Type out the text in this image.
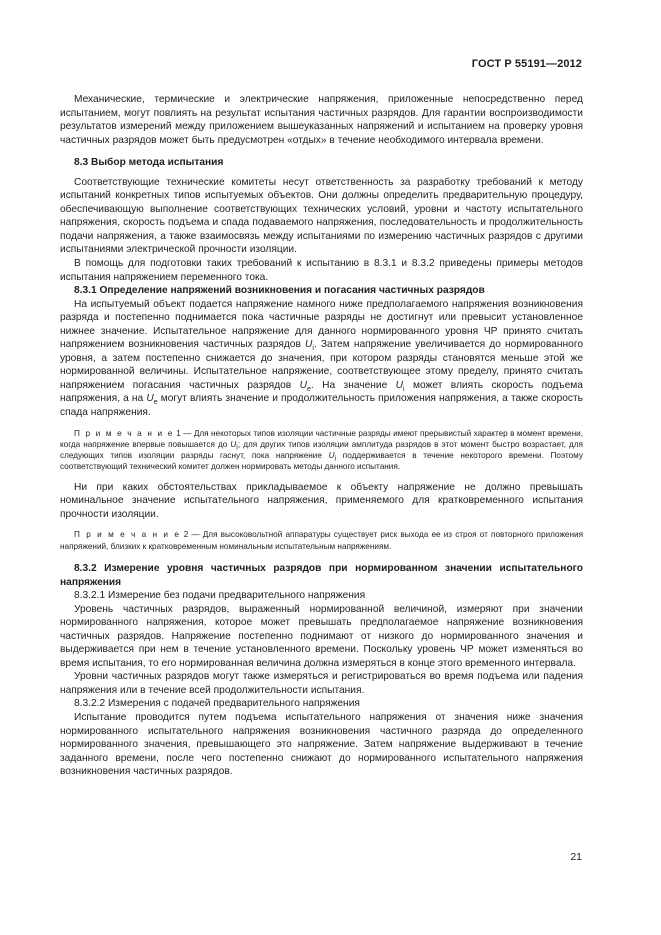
ГОСТ Р 55191—2012

Механические, термические и электрические напряжения, приложенные непосредственно перед испытанием, могут повлиять на результат испытания частичных разрядов. Для гарантии воспроизводимости результатов измерений между приложением вышеуказанных напряжений и испытанием на проверку уровня частичных разрядов может быть предусмотрен «отдых» в течение необходимого интервала времени.

8.3 Выбор метода испытания

Соответствующие технические комитеты несут ответственность за разработку требований к методу испытаний конкретных типов испытуемых объектов. Они должны определить предварительную процедуру, обеспечивающую выполнение соответствующих технических условий, уровни и частоту испытательного напряжения, скорость подъема и спада подаваемого напряжения, последовательность и продолжительность подачи напряжения, а также взаимосвязь между испытаниями по измерению частичных разрядов с другими испытаниями электрической прочности изоляции.

В помощь для подготовки таких требований к испытанию в 8.3.1 и 8.3.2 приведены примеры методов испытания напряжением переменного тока.

8.3.1 Определение напряжений возникновения и погасания частичных разрядов

На испытуемый объект подается напряжение намного ниже предполагаемого напряжения возникновения разряда и постепенно поднимается пока частичные разряды не достигнут или превысит установленное нижнее значение. Испытательное напряжение для данного нормированного уровня ЧР принято считать напряжением возникновения частичных разрядов $U_i$. Затем напряжение увеличивается до нормированного уровня, а затем постепенно снижается до значения, при котором разряды становятся меньше этой же нормированной величины. Испытательное напряжение, соответствующее этому пределу, принято считать напряжением погасания частичных разрядов $U_e$. На значение $U_i$ может влиять скорость подъема напряжения, а на $U_e$ могут влиять значение и продолжительность приложения напряжения, а также скорость спада напряжения.

П р и м е ч а н и е 1 — Для некоторых типов изоляции частичные разряды имеют прерывистый характер в момент времени, когда напряжение впервые повышается до $U_i$; для других типов изоляции амплитуда разрядов в этот момент быстро возрастает, для следующих типов изоляции разряды гаснут, пока напряжение $U_i$ поддерживается в течение некоторого времени. Поэтому соответствующий технический комитет должен нормировать методы данного испытания.

Ни при каких обстоятельствах прикладываемое к объекту напряжение не должно превышать номинальное значение испытательного напряжения, применяемого для кратковременного испытания прочности изоляции.

П р и м е ч а н и е 2 — Для высоковольтной аппаратуры существует риск выхода ее из строя от повторного приложения напряжений, близких к кратковременным номинальным испытательным напряжениям.

8.3.2 Измерение уровня частичных разрядов при нормированном значении испытательного напряжения

8.3.2.1 Измерение без подачи предварительного напряжения

Уровень частичных разрядов, выраженный нормированной величиной, измеряют при значении нормированного напряжения, которое может превышать предполагаемое напряжение возникновения частичных разрядов. Напряжение постепенно поднимают от низкого до нормированного значения и выдерживается при нем в течение установленного времени. Поскольку уровень ЧР может изменяться во время испытания, то его нормированная величина должна измеряться в конце этого временного интервала.

Уровни частичных разрядов могут также измеряться и регистрироваться во время подъема или падения напряжения или в течение всей продолжительности испытания.

8.3.2.2 Измерения с подачей предварительного напряжения

Испытание проводится путем подъема испытательного напряжения от значения ниже значения нормированного испытательного напряжения возникновения частичного разряда до определенного нормированного значения, превышающего это напряжение. Затем напряжение выдерживают в течение заданного времени, после чего постепенно снижают до нормированного испытательного напряжения возникновения частичных разрядов.

21
